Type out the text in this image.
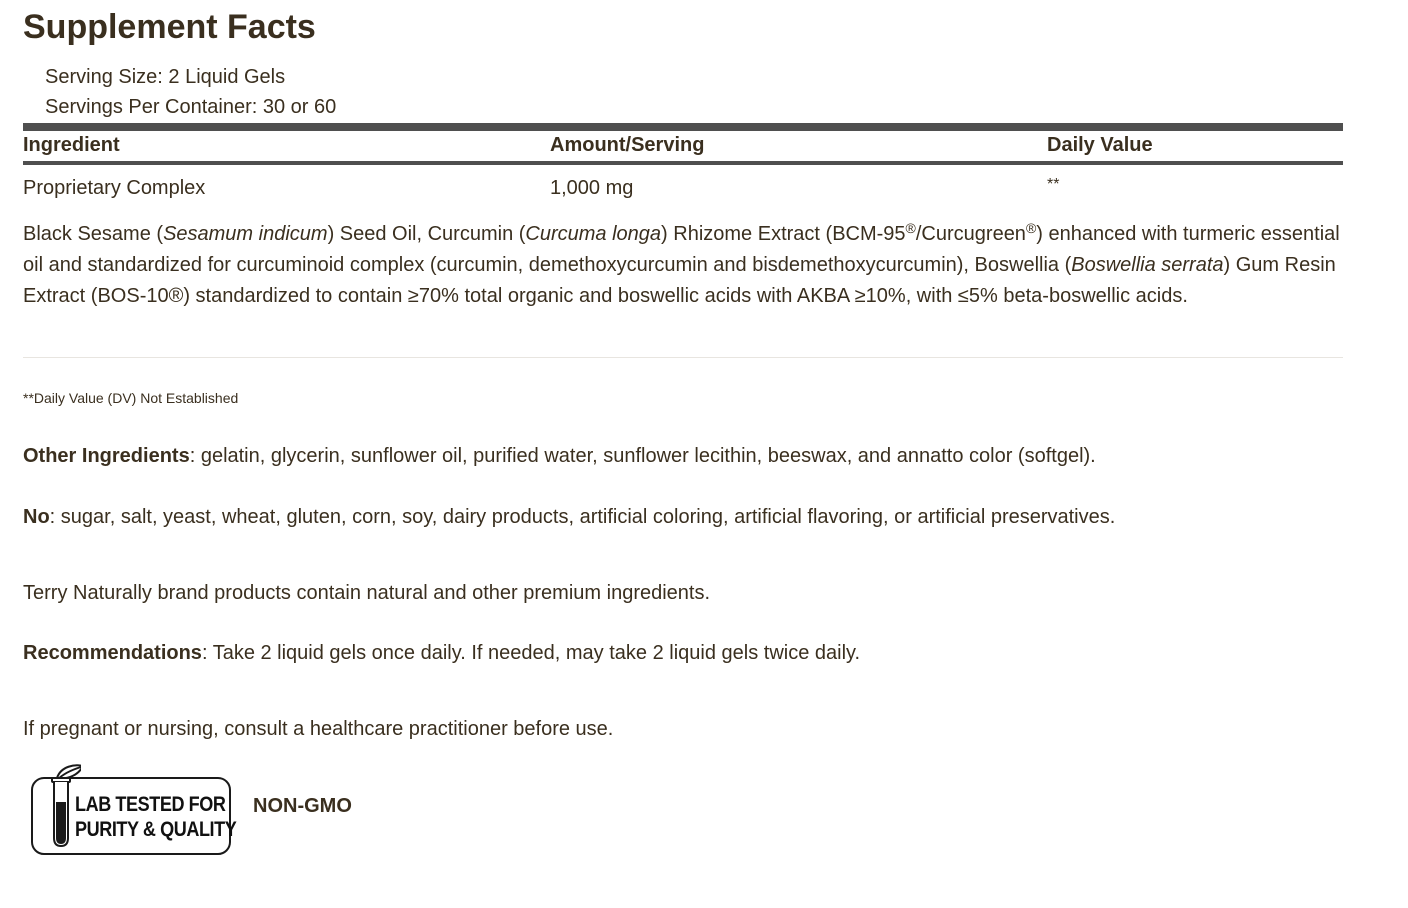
Supplement Facts
Serving Size: 2 Liquid Gels
Servings Per Container: 30 or 60
Ingredient	Amount/Serving	Daily Value
Proprietary Complex	1,000 mg	**
Black Sesame (Sesamum indicum) Seed Oil, Curcumin (Curcuma longa) Rhizome Extract (BCM-95®/Curcugreen®) enhanced with turmeric essential oil and standardized for curcuminoid complex (curcumin, demethoxycurcumin and bisdemethoxycurcumin), Boswellia (Boswellia serrata) Gum Resin Extract (BOS-10®) standardized to contain ≥70% total organic and boswellic acids with AKBA ≥10%, with ≤5% beta-boswellic acids.
**Daily Value (DV) Not Established
Other Ingredients: gelatin, glycerin, sunflower oil, purified water, sunflower lecithin, beeswax, and annatto color (softgel).
No: sugar, salt, yeast, wheat, gluten, corn, soy, dairy products, artificial coloring, artificial flavoring, or artificial preservatives.
Terry Naturally brand products contain natural and other premium ingredients.
Recommendations: Take 2 liquid gels once daily. If needed, may take 2 liquid gels twice daily.
If pregnant or nursing, consult a healthcare practitioner before use.
LAB TESTED FOR
PURITY & QUALITY
NON-GMO
